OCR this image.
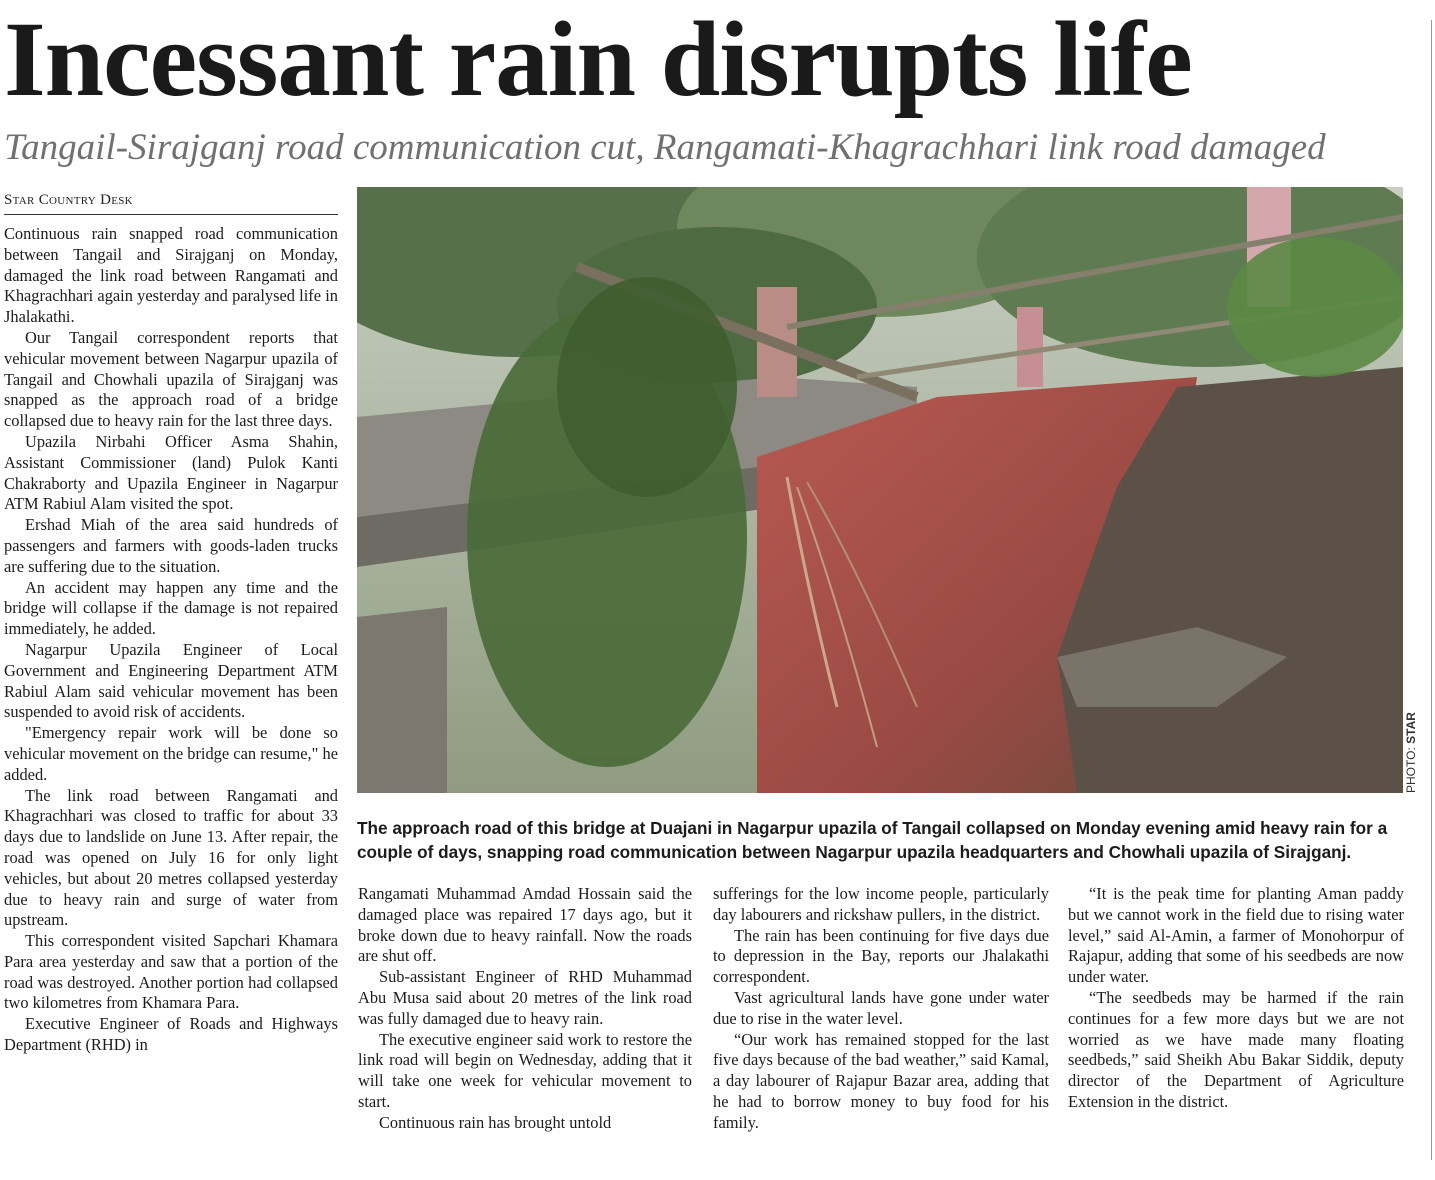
Incessant rain disrupts life
Tangail-Sirajganj road communication cut, Rangamati-Khagrachhari link road damaged
Star Country Desk

Continuous rain snapped road communication between Tangail and Sirajganj on Monday, damaged the link road between Rangamati and Khagrachhari again yesterday and paralysed life in Jhalakathi.

Our Tangail correspondent reports that vehicular movement between Nagarpur upazila of Tangail and Chowhali upazila of Sirajganj was snapped as the approach road of a bridge collapsed due to heavy rain for the last three days.

Upazila Nirbahi Officer Asma Shahin, Assistant Commissioner (land) Pulok Kanti Chakraborty and Upazila Engineer in Nagarpur ATM Rabiul Alam visited the spot.

Ershad Miah of the area said hundreds of passengers and farmers with goods-laden trucks are suffering due to the situation.

An accident may happen any time and the bridge will collapse if the damage is not repaired immediately, he added.

Nagarpur Upazila Engineer of Local Government and Engineering Department ATM Rabiul Alam said vehicular movement has been suspended to avoid risk of accidents.

"Emergency repair work will be done so vehicular movement on the bridge can resume," he added.

The link road between Rangamati and Khagrachhari was closed to traffic for about 33 days due to landslide on June 13. After repair, the road was opened on July 16 for only light vehicles, but about 20 metres collapsed yesterday due to heavy rain and surge of water from upstream.

This correspondent visited Sapchari Khamara Para area yesterday and saw that a portion of the road was destroyed. Another portion had collapsed two kilometres from Khamara Para.

Executive Engineer of Roads and Highways Department (RHD) in

PHOTO: STAR
The approach road of this bridge at Duajani in Nagarpur upazila of Tangail collapsed on Monday evening amid heavy rain for a couple of days, snapping road communication between Nagarpur upazila headquarters and Chowhali upazila of Sirajganj.

Rangamati Muhammad Amdad Hossain said the damaged place was repaired 17 days ago, but it broke down due to heavy rainfall. Now the roads are shut off.

Sub-assistant Engineer of RHD Muhammad Abu Musa said about 20 metres of the link road was fully damaged due to heavy rain.

The executive engineer said work to restore the link road will begin on Wednesday, adding that it will take one week for vehicular movement to start.

Continuous rain has brought untold

sufferings for the low income people, particularly day labourers and rickshaw pullers, in the district.

The rain has been continuing for five days due to depression in the Bay, reports our Jhalakathi correspondent.

Vast agricultural lands have gone under water due to rise in the water level.

“Our work has remained stopped for the last five days because of the bad weather,” said Kamal, a day labourer of Rajapur Bazar area, adding that he had to borrow money to buy food for his family.

“It is the peak time for planting Aman paddy but we cannot work in the field due to rising water level,” said Al-Amin, a farmer of Monohorpur of Rajapur, adding that some of his seedbeds are now under water.

“The seedbeds may be harmed if the rain continues for a few more days but we are not worried as we have made many floating seedbeds,” said Sheikh Abu Bakar Siddik, deputy director of the Department of Agriculture Extension in the district.
